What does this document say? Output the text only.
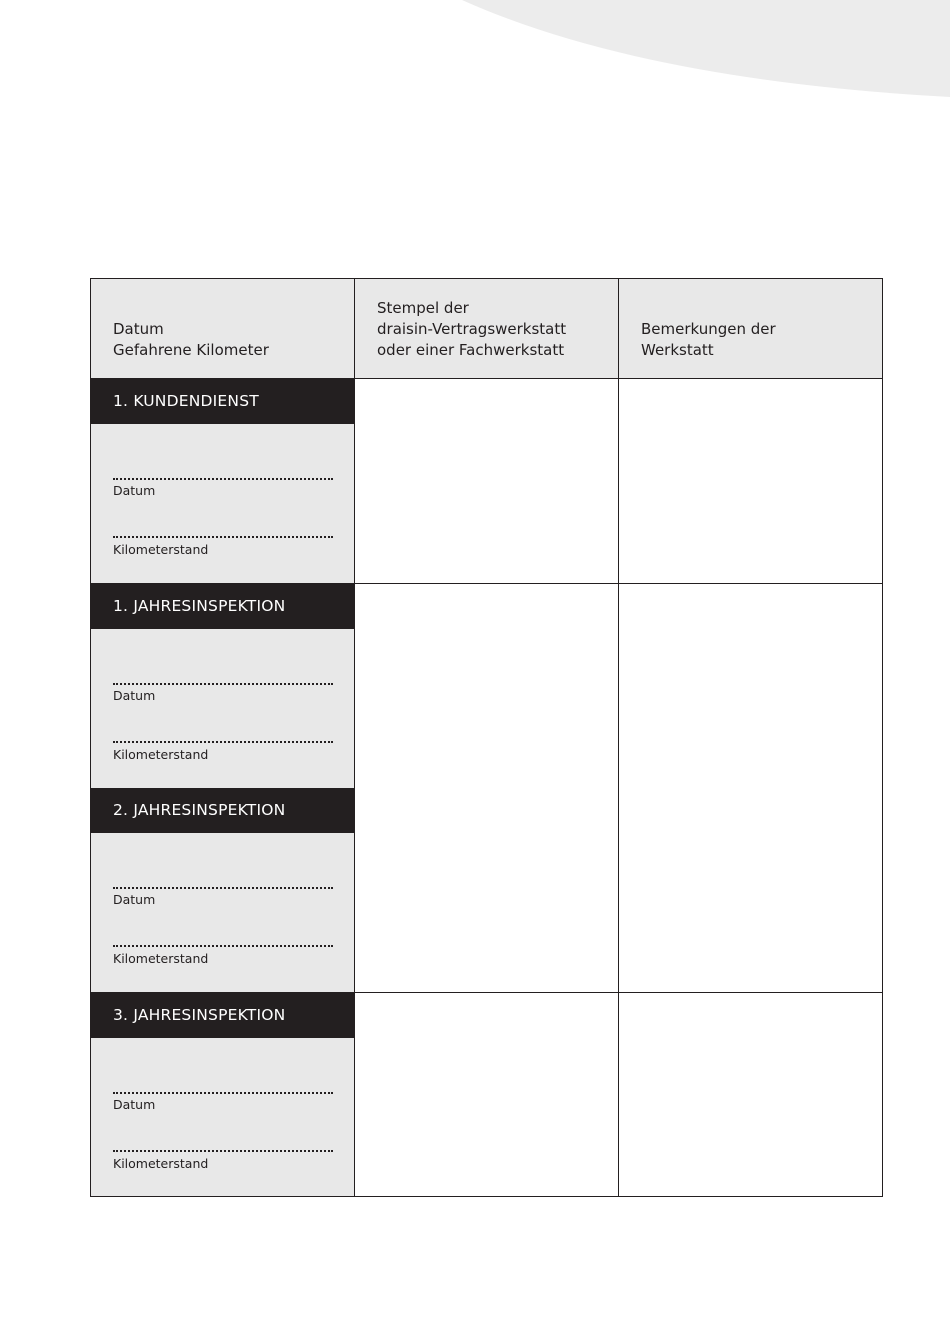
Datum
Gefahrene Kilometer
Stempel der
draisin-Vertragswerkstatt
oder einer Fachwerkstatt
Bemerkungen der
Werkstatt
1. KUNDENDIENST
Datum
Kilometerstand
1. JAHRESINSPEKTION
Datum
Kilometerstand
2. JAHRESINSPEKTION
Datum
Kilometerstand
3. JAHRESINSPEKTION
Datum
Kilometerstand
